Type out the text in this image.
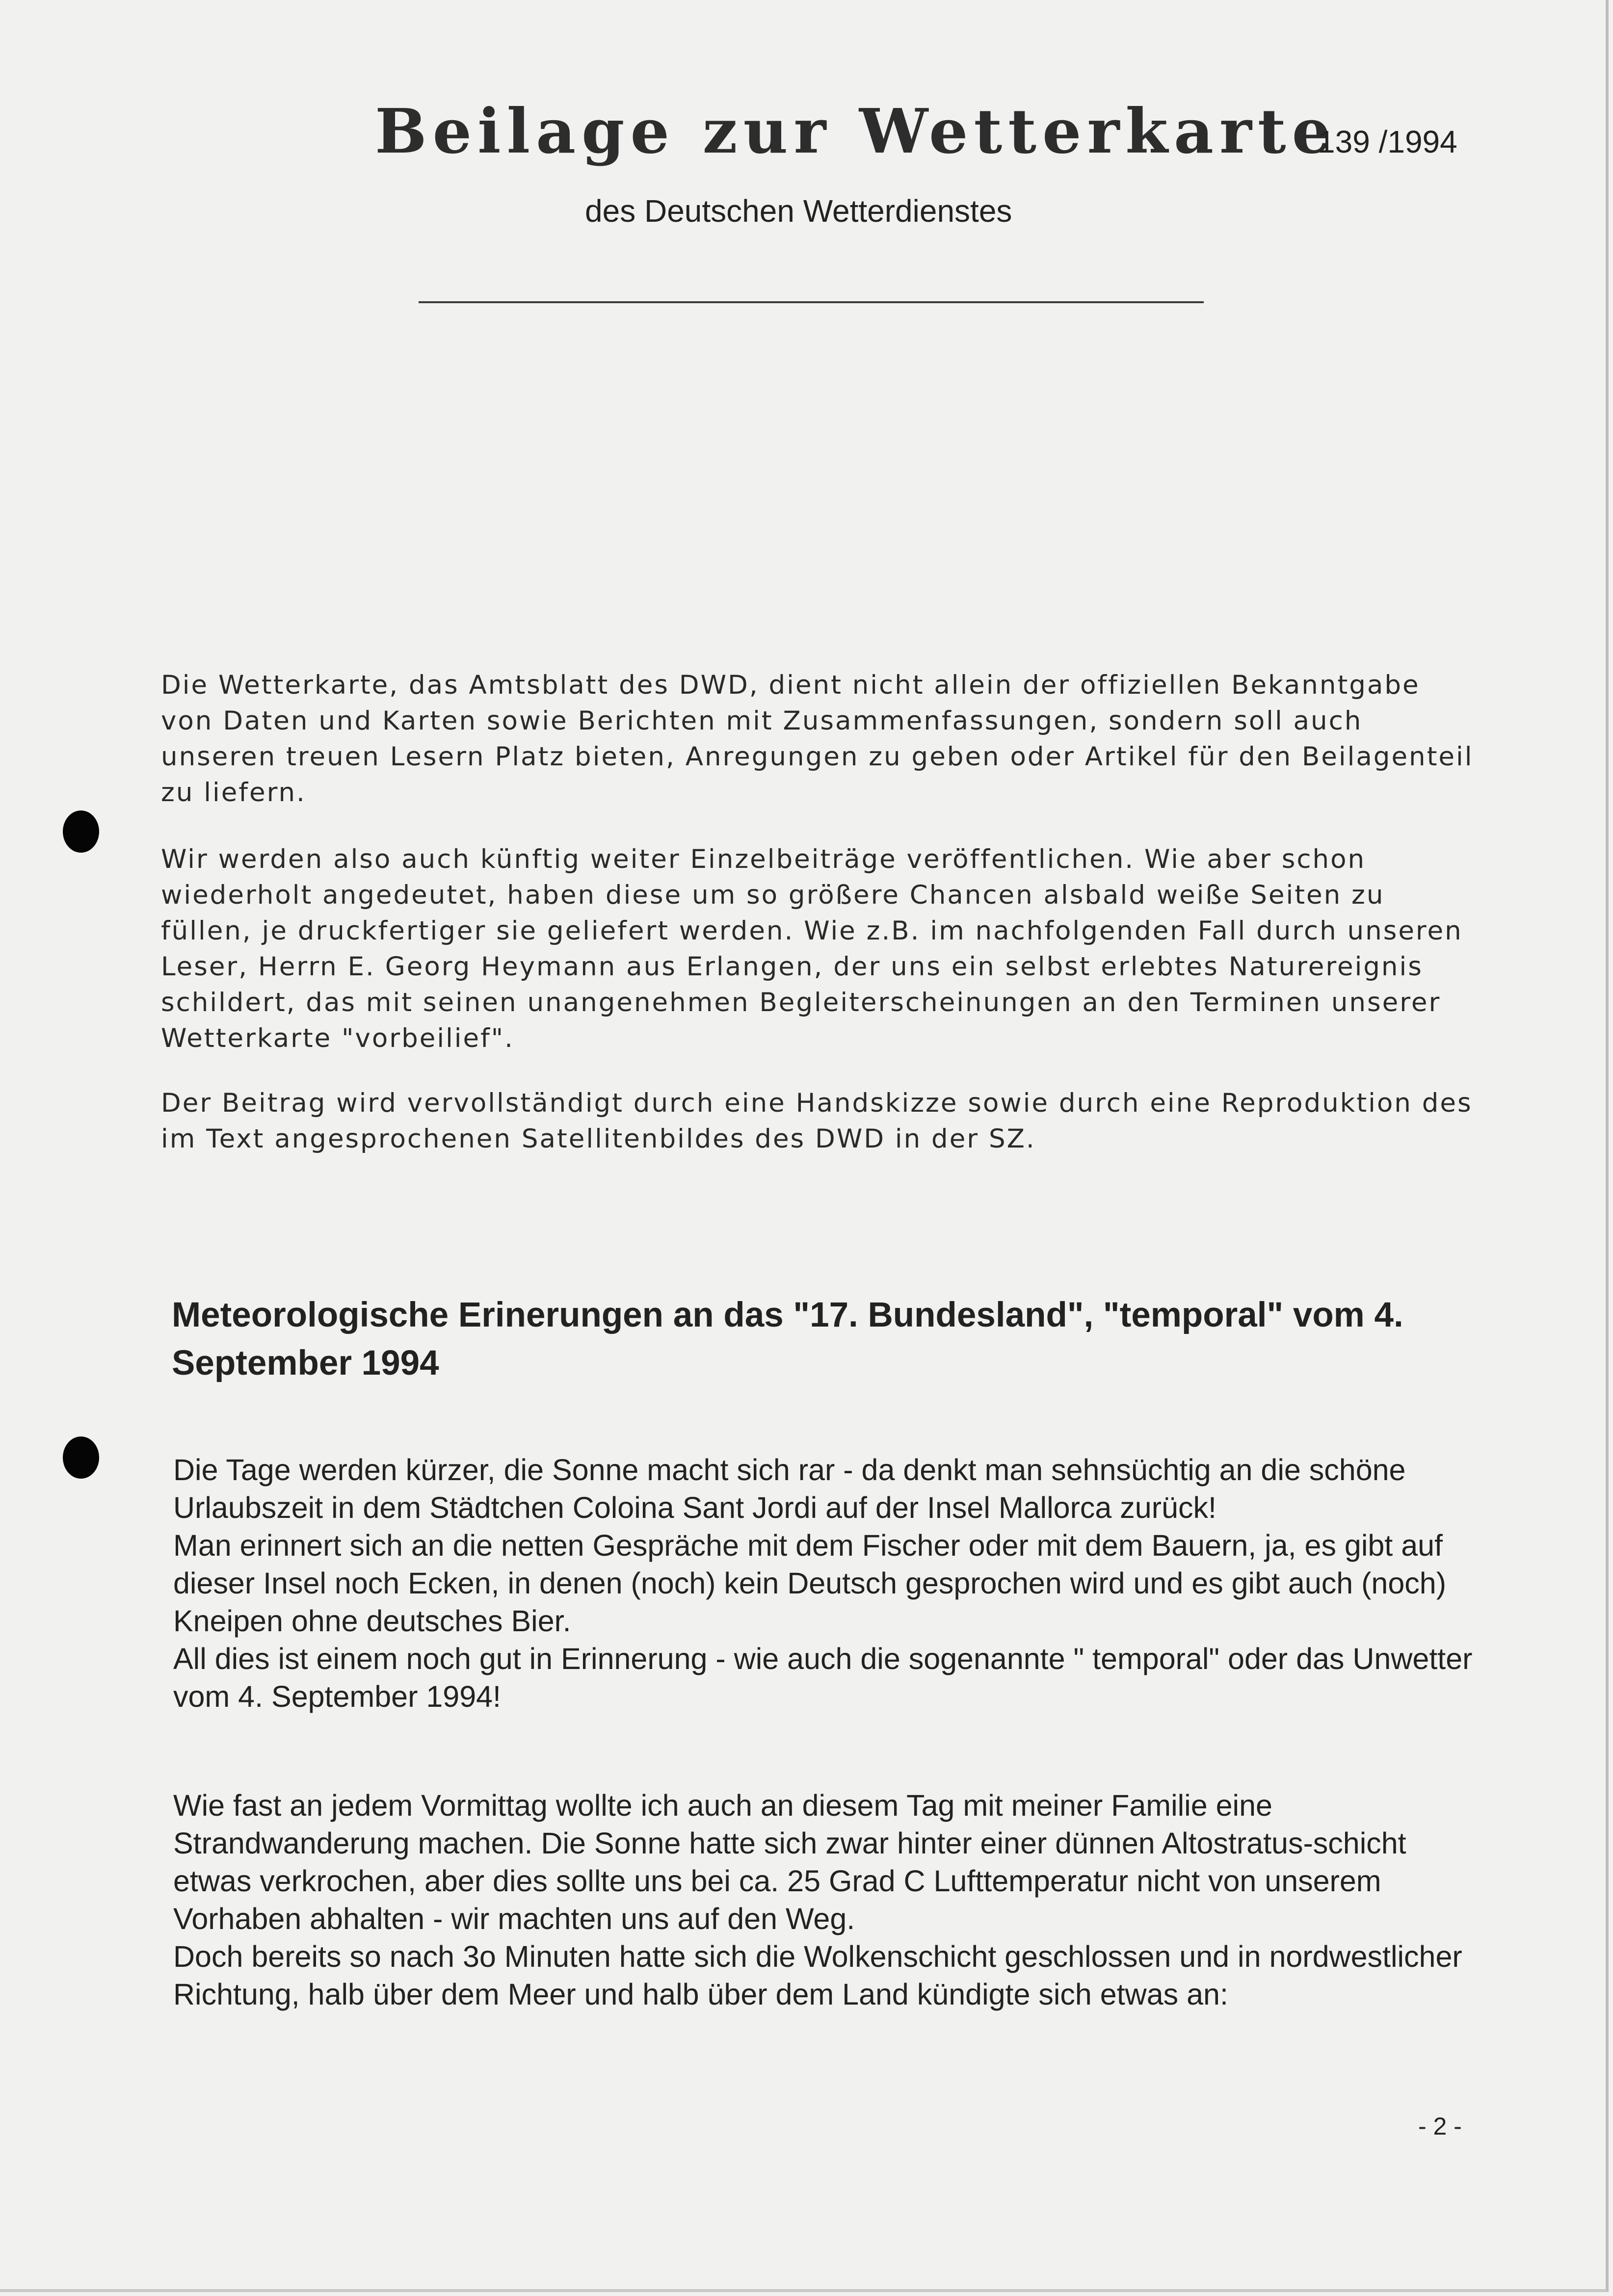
Beilage zur Wetterkarte
139 /1994
des Deutschen Wetterdienstes

Die Wetterkarte, das Amtsblatt des DWD, dient nicht allein der offiziellen Bekanntgabe von Daten und Karten sowie Berichten mit Zusammenfassungen, sondern soll auch unseren treuen Lesern Platz bieten, Anregungen zu geben oder Artikel für den Beilagenteil zu liefern.

Wir werden also auch künftig weiter Einzelbeiträge veröffentlichen. Wie aber schon wiederholt angedeutet, haben diese um so größere Chancen alsbald weiße Seiten zu füllen, je druckfertiger sie geliefert werden. Wie z.B. im nachfolgenden Fall durch unseren Leser, Herrn E. Georg Heymann aus Erlangen, der uns ein selbst erlebtes Naturereignis schildert, das mit seinen unangenehmen Begleiterscheinungen an den Terminen unserer Wetterkarte "vorbeilief".

Der Beitrag wird vervollständigt durch eine Handskizze sowie durch eine Reproduktion des im Text angesprochenen Satellitenbildes des DWD in der SZ.

Meteorologische Erinerungen an das "17. Bundesland", "temporal" vom 4. September 1994

Die Tage werden kürzer, die Sonne macht sich rar - da denkt man sehnsüchtig an die schöne Urlaubszeit in dem Städtchen Coloina Sant Jordi auf der Insel Mallorca zurück!
Man erinnert sich an die netten Gespräche mit dem Fischer oder mit dem Bauern, ja, es gibt auf dieser Insel noch Ecken, in denen (noch) kein Deutsch gesprochen wird und es gibt auch (noch) Kneipen ohne deutsches Bier.
All dies ist einem noch gut in Erinnerung - wie auch die sogenannte " temporal" oder das Unwetter vom 4. September 1994!

Wie fast an jedem Vormittag wollte ich auch an diesem Tag mit meiner Familie eine Strandwanderung machen. Die Sonne hatte sich zwar hinter einer dünnen Altostratus-schicht etwas verkrochen, aber dies sollte uns bei ca. 25 Grad C Lufttemperatur nicht von unserem Vorhaben abhalten - wir machten uns auf den Weg.
Doch bereits so nach 3o Minuten hatte sich die Wolkenschicht geschlossen und in nordwestlicher Richtung, halb über dem Meer und halb über dem Land kündigte sich etwas an:

- 2 -
